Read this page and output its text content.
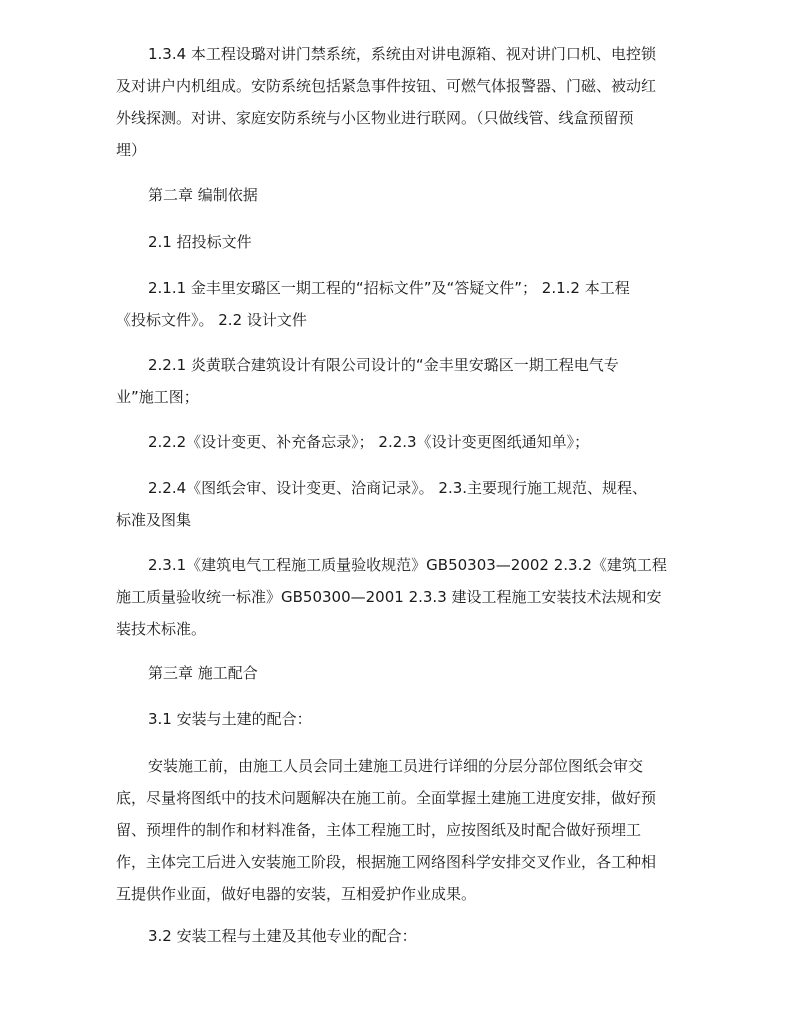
1.3.4 本工程设璐对讲门禁系统，系统由对讲电源箱、视对讲门口机、电控锁
及对讲户内机组成。安防系统包括紧急事件按钮、可燃气体报警器、门磁、被动红
外线探测。对讲、家庭安防系统与小区物业进行联网。（只做线管、线盒预留预
埋）
第二章 编制依据
2.1 招投标文件
2.1.1 金丰里安璐区一期工程的“招标文件”及“答疑文件”； 2.1.2 本工程
《投标文件》。 2.2 设计文件
2.2.1 炎黄联合建筑设计有限公司设计的“金丰里安璐区一期工程电气专
业”施工图；
2.2.2《设计变更、补充备忘录》； 2.2.3《设计变更图纸通知单》；
2.2.4《图纸会审、设计变更、洽商记录》。 2.3.主要现行施工规范、规程、
标准及图集
2.3.1《建筑电气工程施工质量验收规范》GB50303—2002 2.3.2《建筑工程
施工质量验收统一标准》GB50300—2001 2.3.3 建设工程施工安装技术法规和安
装技术标准。
第三章 施工配合
3.1 安装与土建的配合：
安装施工前，由施工人员会同土建施工员进行详细的分层分部位图纸会审交
底，尽量将图纸中的技术问题解决在施工前。全面掌握土建施工进度安排，做好预
留、预埋件的制作和材料准备，主体工程施工时，应按图纸及时配合做好预埋工
作，主体完工后进入安装施工阶段，根据施工网络图科学安排交叉作业，各工种相
互提供作业面，做好电器的安装，互相爱护作业成果。
3.2 安装工程与土建及其他专业的配合：
